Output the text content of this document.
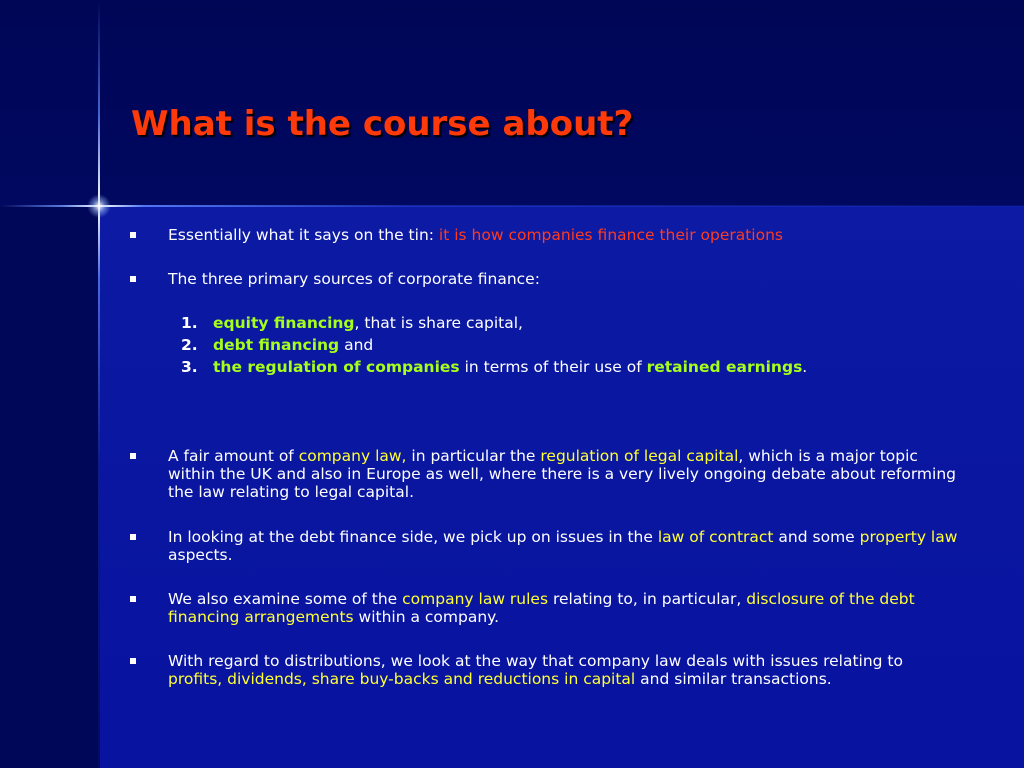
What is the course about?
Essentially what it says on the tin: it is how companies finance their operations
The three primary sources of corporate finance:
1. equity financing, that is share capital,
2. debt financing and
3. the regulation of companies in terms of their use of retained earnings.
A fair amount of company law, in particular the regulation of legal capital, which is a major topic within the UK and also in Europe as well, where there is a very lively ongoing debate about reforming the law relating to legal capital.
In looking at the debt finance side, we pick up on issues in the law of contract and some property law aspects.
We also examine some of the company law rules relating to, in particular, disclosure of the debt financing arrangements within a company.
With regard to distributions, we look at the way that company law deals with issues relating to profits, dividends, share buy-backs and reductions in capital and similar transactions.
